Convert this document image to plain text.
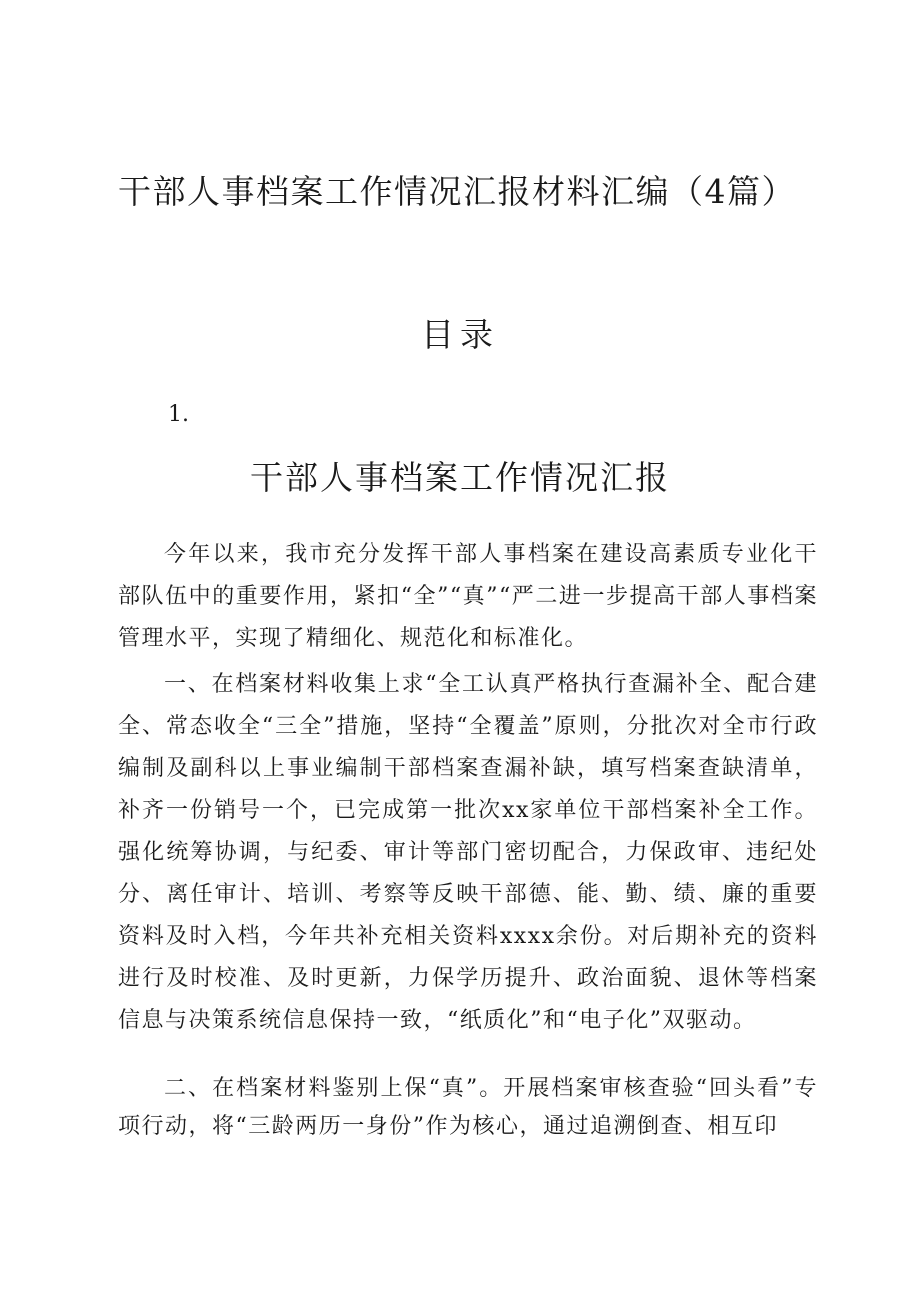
干部人事档案工作情况汇报材料汇编（4篇）
目录
1.
干部人事档案工作情况汇报

今年以来，我市充分发挥干部人事档案在建设高素质专业化干部队伍中的重要作用，紧扣“全”“真”“严二进一步提高干部人事档案管理水平，实现了精细化、规范化和标准化。

一、在档案材料收集上求“全工认真严格执行查漏补全、配合建全、常态收全“三全”措施，坚持“全覆盖”原则，分批次对全市行政编制及副科以上事业编制干部档案查漏补缺，填写档案查缺清单，补齐一份销号一个，已完成第一批次xx家单位干部档案补全工作。强化统筹协调，与纪委、审计等部门密切配合，力保政审、违纪处分、离任审计、培训、考察等反映干部德、能、勤、绩、廉的重要资料及时入档，今年共补充相关资料xxxx余份。对后期补充的资料进行及时校准、及时更新，力保学历提升、政治面貌、退休等档案信息与决策系统信息保持一致，“纸质化”和“电子化”双驱动。

二、在档案材料鉴别上保“真”。开展档案审核查验“回头看”专项行动，将“三龄两历一身份”作为核心，通过追溯倒查、相互印
